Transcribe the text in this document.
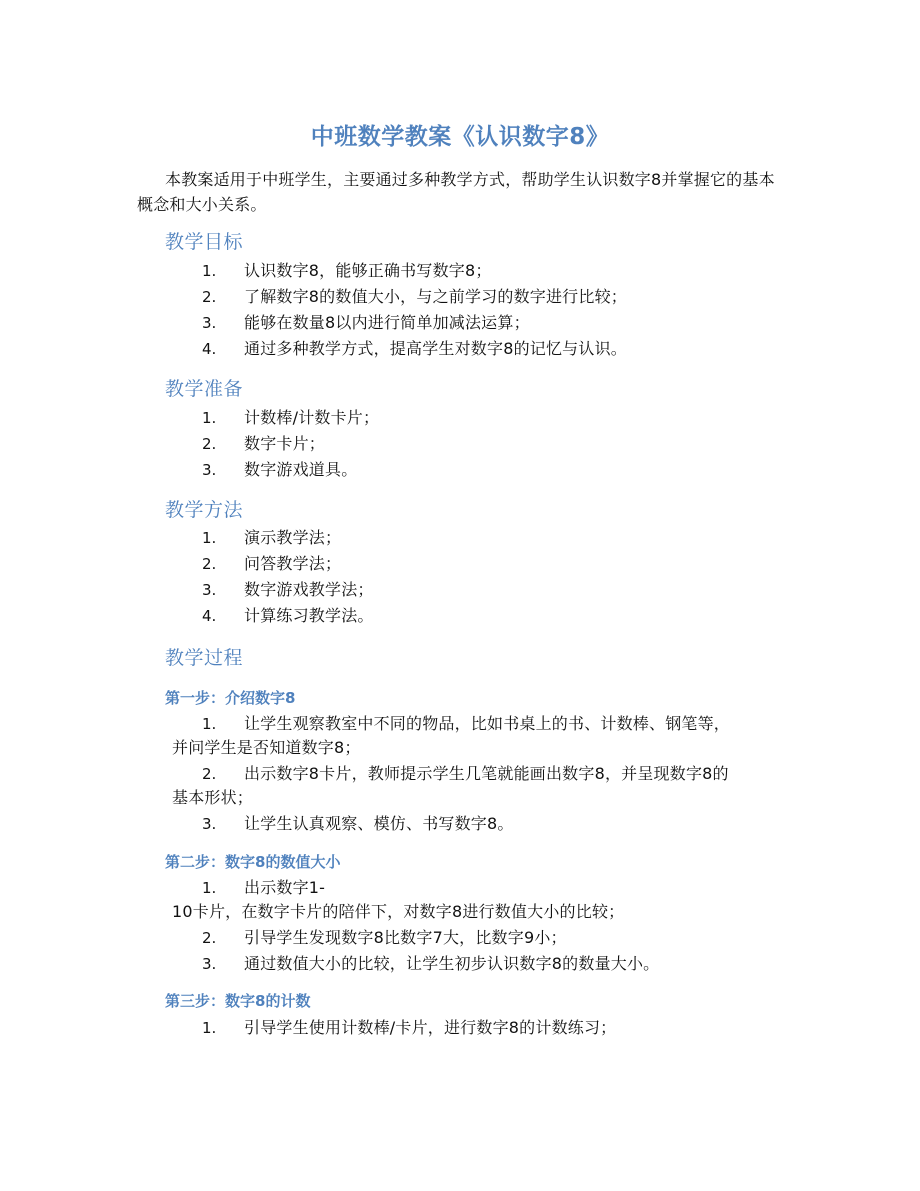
中班数学教案《认识数字8》
本教案适用于中班学生，主要通过多种教学方式，帮助学生认识数字8并掌握它的基本概念和大小关系。
教学目标
1. 认识数字8，能够正确书写数字8；
2. 了解数字8的数值大小，与之前学习的数字进行比较；
3. 能够在数量8以内进行简单加减法运算；
4. 通过多种教学方式，提高学生对数字8的记忆与认识。
教学准备
1. 计数棒/计数卡片；
2. 数字卡片；
3. 数字游戏道具。
教学方法
1. 演示教学法；
2. 问答教学法；
3. 数字游戏教学法；
4. 计算练习教学法。
教学过程
第一步：介绍数字8
1. 让学生观察教室中不同的物品，比如书桌上的书、计数棒、钢笔等，
并问学生是否知道数字8；
2. 出示数字8卡片，教师提示学生几笔就能画出数字8，并呈现数字8的
基本形状；
3. 让学生认真观察、模仿、书写数字8。
第二步：数字8的数值大小
1. 出示数字1-
10卡片，在数字卡片的陪伴下，对数字8进行数值大小的比较；
2. 引导学生发现数字8比数字7大，比数字9小；
3. 通过数值大小的比较，让学生初步认识数字8的数量大小。
第三步：数字8的计数
1. 引导学生使用计数棒/卡片，进行数字8的计数练习；
